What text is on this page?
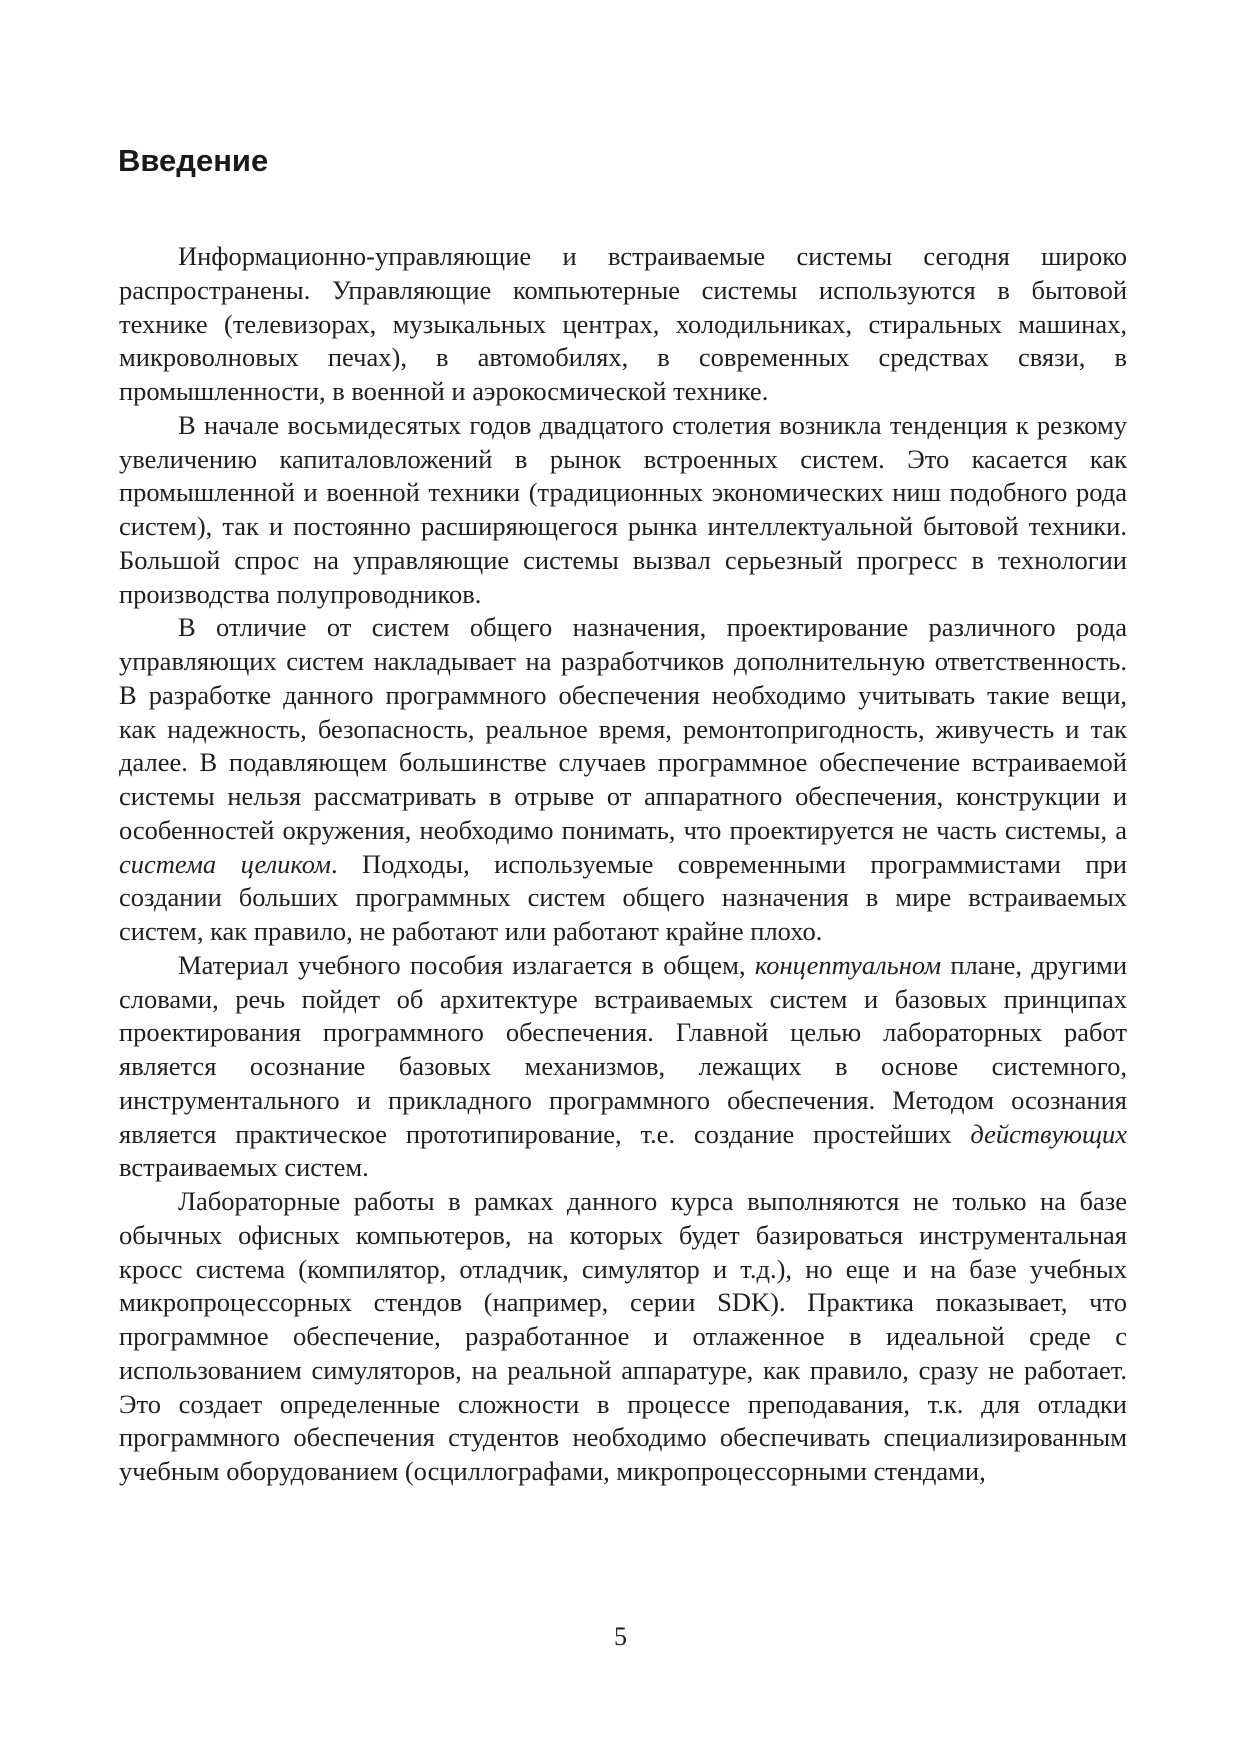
Введение

Информационно-управляющие и встраиваемые системы сегодня широко распространены. Управляющие компьютерные системы используются в бытовой технике (телевизорах, музыкальных центрах, холодильниках, стиральных машинах, микроволновых печах), в автомобилях, в современных средствах связи, в промышленности, в военной и аэрокосмической технике.

В начале восьмидесятых годов двадцатого столетия возникла тенденция к резкому увеличению капиталовложений в рынок встроенных систем. Это касается как промышленной и военной техники (традиционных экономических ниш подобного рода систем), так и постоянно расширяющегося рынка интеллектуальной бытовой техники. Большой спрос на управляющие системы вызвал серьезный прогресс в технологии производства полупроводников.

В отличие от систем общего назначения, проектирование различного рода управляющих систем накладывает на разработчиков дополнительную ответственность. В разработке данного программного обеспечения необходимо учитывать такие вещи, как надежность, безопасность, реальное время, ремонтопригодность, живучесть и так далее. В подавляющем большинстве случаев программное обеспечение встраиваемой системы нельзя рассматривать в отрыве от аппаратного обеспечения, конструкции и особенностей окружения, необходимо понимать, что проектируется не часть системы, а система целиком. Подходы, используемые современными программистами при создании больших программных систем общего назначения в мире встраиваемых систем, как правило, не работают или работают крайне плохо.

Материал учебного пособия излагается в общем, концептуальном плане, другими словами, речь пойдет об архитектуре встраиваемых систем и базовых принципах проектирования программного обеспечения. Главной целью лабораторных работ является осознание базовых механизмов, лежащих в основе системного, инструментального и прикладного программного обеспечения. Методом осознания является практическое прототипирование, т.е. создание простейших действующих встраиваемых систем.

Лабораторные работы в рамках данного курса выполняются не только на базе обычных офисных компьютеров, на которых будет базироваться инструментальная кросс система (компилятор, отладчик, симулятор и т.д.), но еще и на базе учебных микропроцессорных стендов (например, серии SDK). Практика показывает, что программное обеспечение, разработанное и отлаженное в идеальной среде с использованием симуляторов, на реальной аппаратуре, как правило, сразу не работает. Это создает определенные сложности в процессе преподавания, т.к. для отладки программного обеспечения студентов необходимо обеспечивать специализированным учебным оборудованием (осциллографами, микропроцессорными стендами,

5
